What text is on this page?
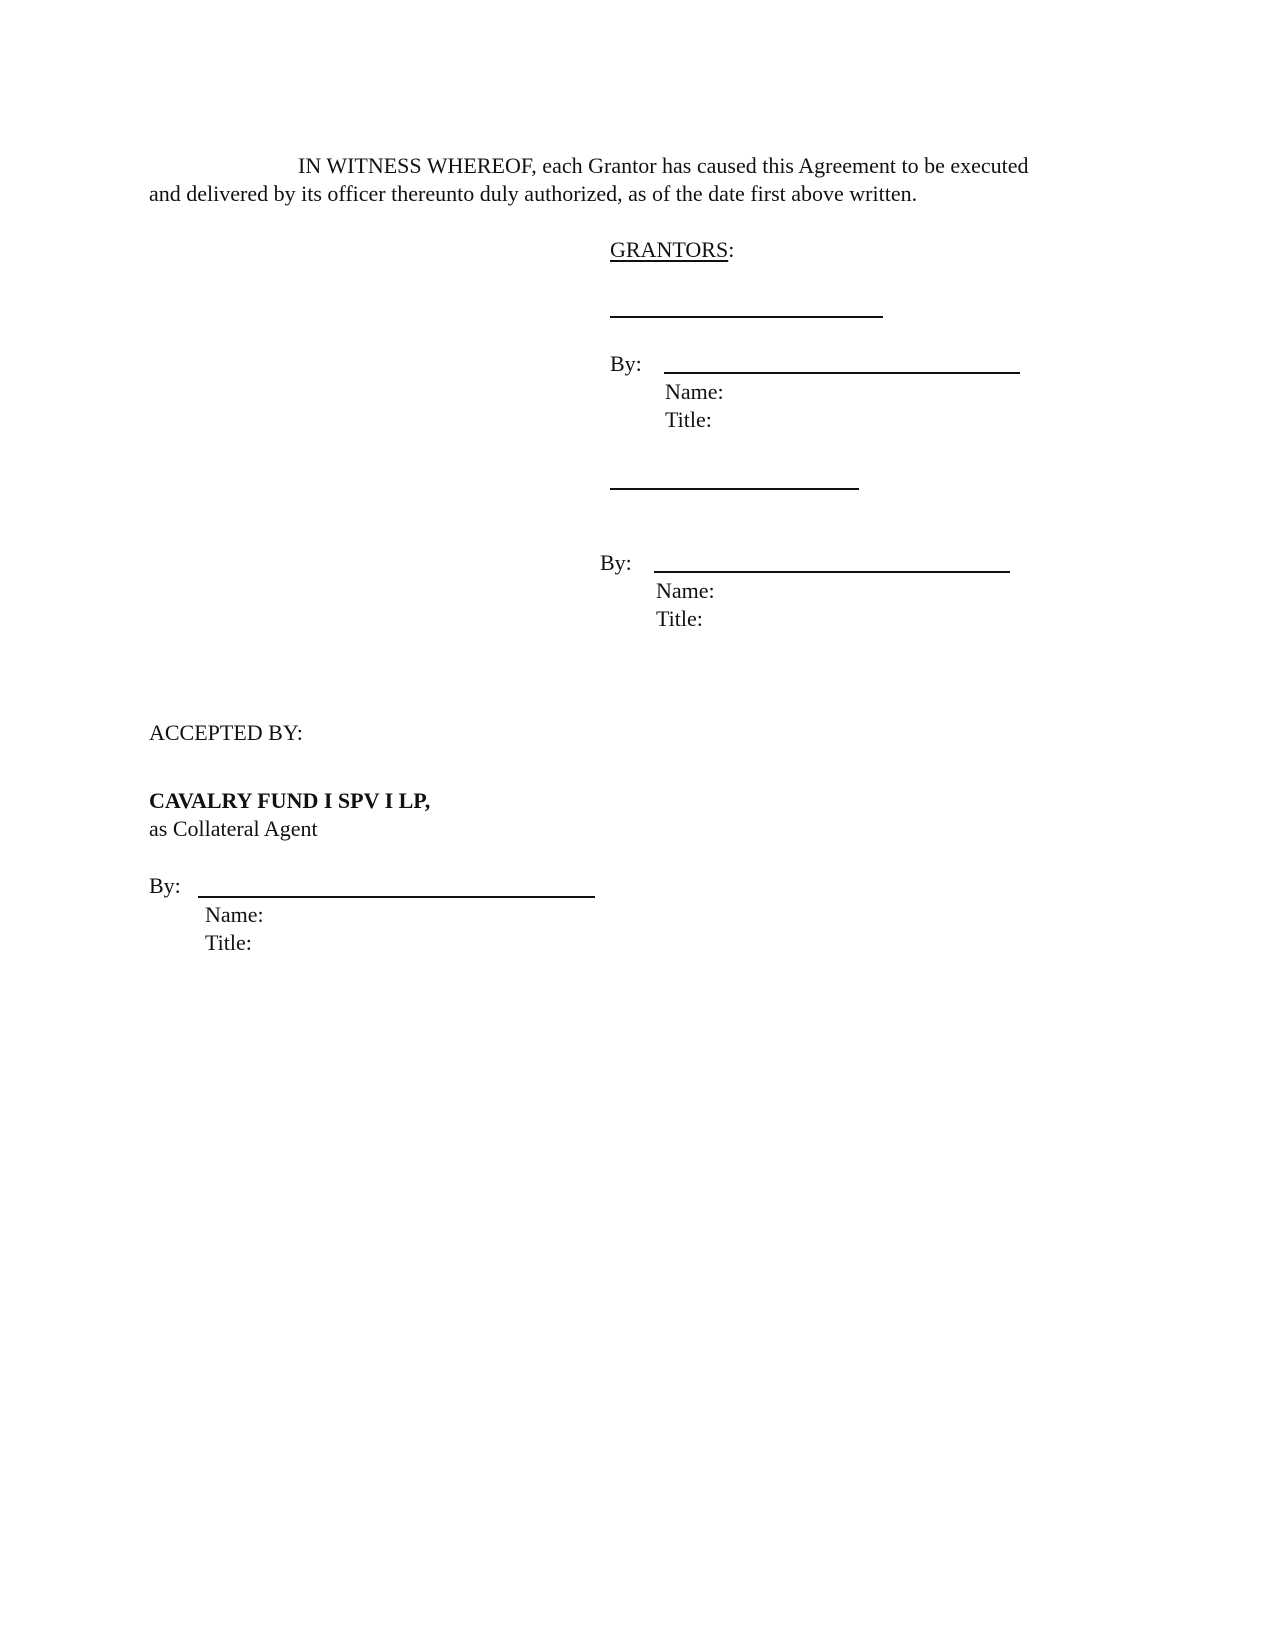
IN WITNESS WHEREOF, each Grantor has caused this Agreement to be executed
and delivered by its officer thereunto duly authorized, as of the date first above written.
GRANTORS:
By:
Name:
Title:
By:
Name:
Title:
ACCEPTED BY:
CAVALRY FUND I SPV I LP,
as Collateral Agent
By:
Name:
Title:
